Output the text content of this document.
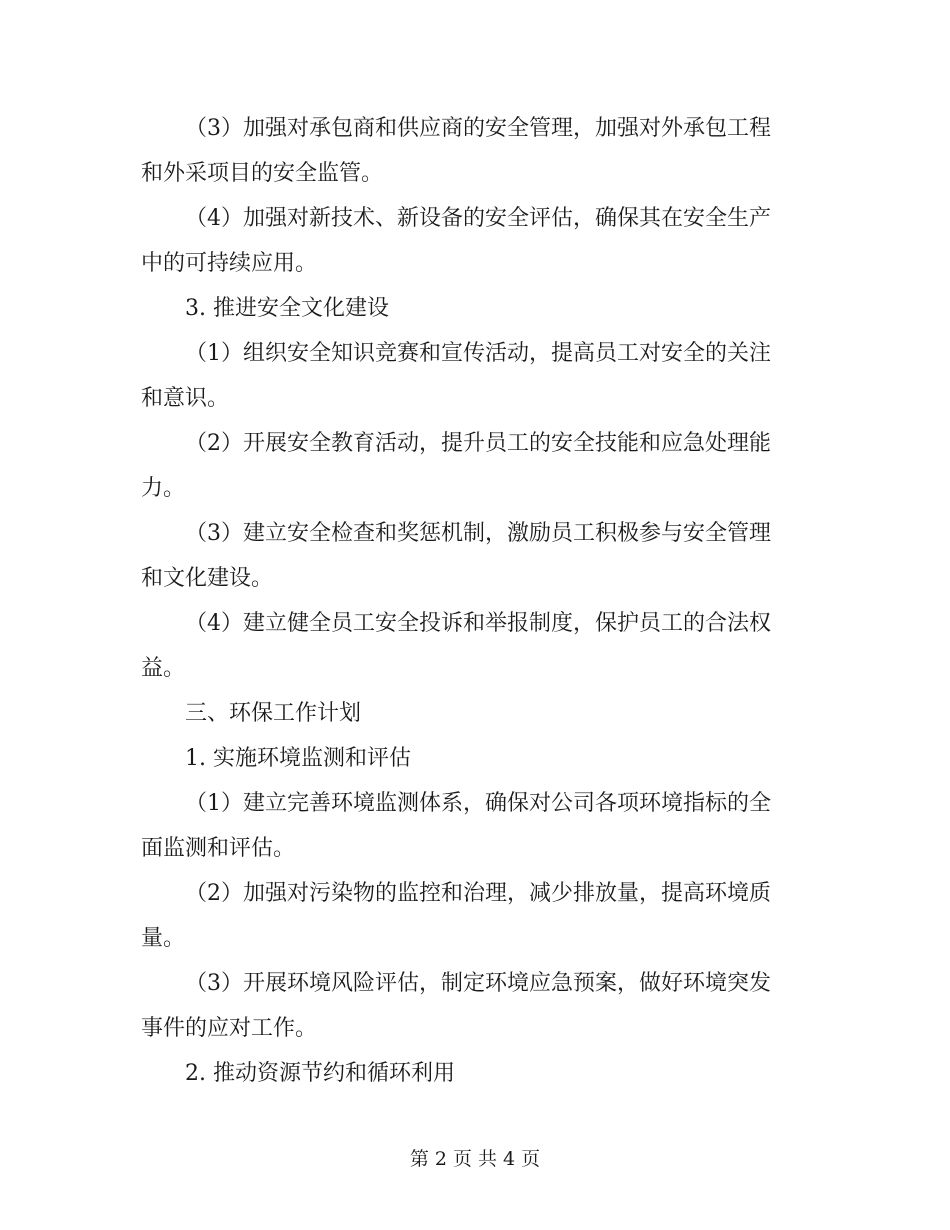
（3）加强对承包商和供应商的安全管理，加强对外承包工程
和外采项目的安全监管。
（4）加强对新技术、新设备的安全评估，确保其在安全生产
中的可持续应用。
3. 推进安全文化建设
（1）组织安全知识竞赛和宣传活动，提高员工对安全的关注
和意识。
（2）开展安全教育活动，提升员工的安全技能和应急处理能
力。
（3）建立安全检查和奖惩机制，激励员工积极参与安全管理
和文化建设。
（4）建立健全员工安全投诉和举报制度，保护员工的合法权
益。
三、环保工作计划
1. 实施环境监测和评估
（1）建立完善环境监测体系，确保对公司各项环境指标的全
面监测和评估。
（2）加强对污染物的监控和治理，减少排放量，提高环境质
量。
（3）开展环境风险评估，制定环境应急预案，做好环境突发
事件的应对工作。
2. 推动资源节约和循环利用
第 2 页 共 4 页
